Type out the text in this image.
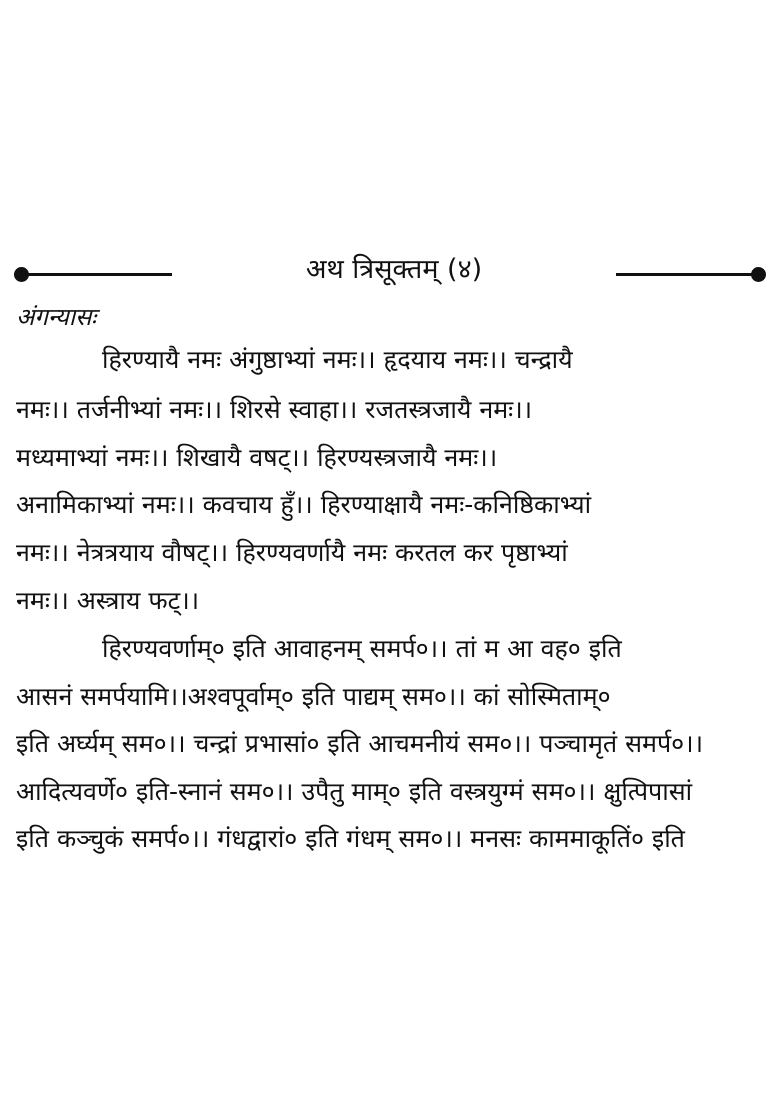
अथ त्रिसूक्तम् (४)
अंगन्यासः
हिरण्यायै नमः अंगुष्ठाभ्यां नमः।। हृदयाय नमः।। चन्द्रायै
नमः।। तर्जनीभ्यां नमः।। शिरसे स्वाहा।। रजतस्त्रजायै नमः।।
मध्यमाभ्यां नमः।। शिखायै वषट्।। हिरण्यस्त्रजायै नमः।।
अनामिकाभ्यां नमः।। कवचाय हुँ।। हिरण्याक्षायै नमः-कनिष्ठिकाभ्यां
नमः।। नेत्रत्रयाय वौषट्।। हिरण्यवर्णायै नमः करतल कर पृष्ठाभ्यां
नमः।। अस्त्राय फट्।।
हिरण्यवर्णाम्० इति आवाहनम् समर्प०।। तां म आ वह० इति
आसनं समर्पयामि।।अश्वपूर्वाम्० इति पाद्यम् सम०।। कां सोस्मिताम्०
इति अर्घ्यम् सम०।। चन्द्रां प्रभासां० इति आचमनीयं सम०।। पञ्चामृतं समर्प०।।
आदित्यवर्णे० इति-स्नानं सम०।। उपैतु माम्० इति वस्त्रयुग्मं सम०।। क्षुत्पिपासां
इति कञ्चुकं समर्प०।। गंधद्वारां० इति गंधम् सम०।। मनसः काममाकूतिं० इति
